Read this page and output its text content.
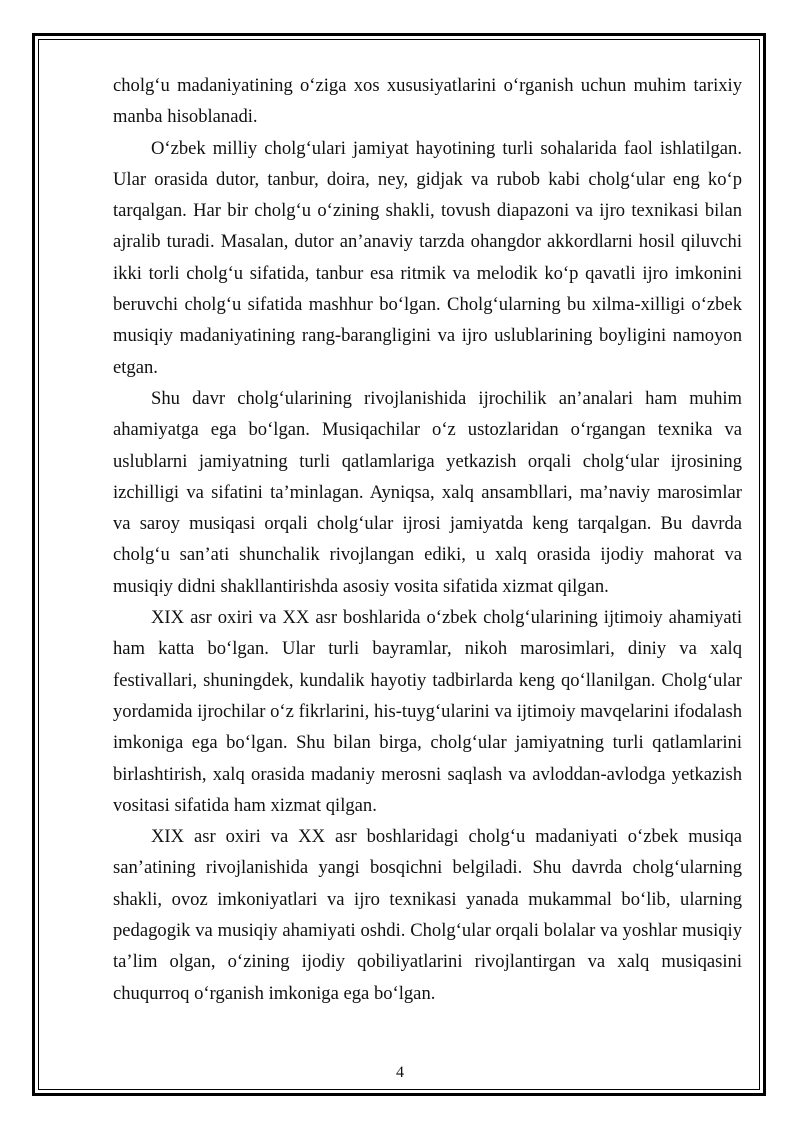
cholg‘u madaniyatining o‘ziga xos xususiyatlarini o‘rganish uchun muhim tarixiy manba hisoblanadi.

O‘zbek milliy cholg‘ulari jamiyat hayotining turli sohalarida faol ishlatilgan. Ular orasida dutor, tanbur, doira, ney, gidjak va rubob kabi cholg‘ular eng ko‘p tarqalgan. Har bir cholg‘u o‘zining shakli, tovush diapazoni va ijro texnikasi bilan ajralib turadi. Masalan, dutor an’anaviy tarzda ohangdor akkordlarni hosil qiluvchi ikki torli cholg‘u sifatida, tanbur esa ritmik va melodik ko‘p qavatli ijro imkonini beruvchi cholg‘u sifatida mashhur bo‘lgan. Cholg‘ularning bu xilma-xilligi o‘zbek musiqiy madaniyatining rang-barangligini va ijro uslublarining boyligini namoyon etgan.

Shu davr cholg‘ularining rivojlanishida ijrochilik an’analari ham muhim ahamiyatga ega bo‘lgan. Musiqachilar o‘z ustozlaridan o‘rgangan texnika va uslublarni jamiyatning turli qatlamlariga yetkazish orqali cholg‘ular ijrosining izchilligi va sifatini ta’minlagan. Ayniqsa, xalq ansambllari, ma’naviy marosimlar va saroy musiqasi orqali cholg‘ular ijrosi jamiyatda keng tarqalgan. Bu davrda cholg‘u san’ati shunchalik rivojlangan ediki, u xalq orasida ijodiy mahorat va musiqiy didni shakllantirishda asosiy vosita sifatida xizmat qilgan.

XIX asr oxiri va XX asr boshlarida o‘zbek cholg‘ularining ijtimoiy ahamiyati ham katta bo‘lgan. Ular turli bayramlar, nikoh marosimlari, diniy va xalq festivallari, shuningdek, kundalik hayotiy tadbirlarda keng qo‘llanilgan. Cholg‘ular yordamida ijrochilar o‘z fikrlarini, his-tuyg‘ularini va ijtimoiy mavqelarini ifodalash imkoniga ega bo‘lgan. Shu bilan birga, cholg‘ular jamiyatning turli qatlamlarini birlashtirish, xalq orasida madaniy merosni saqlash va avloddan-avlodga yetkazish vositasi sifatida ham xizmat qilgan.

XIX asr oxiri va XX asr boshlaridagi cholg‘u madaniyati o‘zbek musiqa san’atining rivojlanishida yangi bosqichni belgiladi. Shu davrda cholg‘ularning shakli, ovoz imkoniyatlari va ijro texnikasi yanada mukammal bo‘lib, ularning pedagogik va musiqiy ahamiyati oshdi. Cholg‘ular orqali bolalar va yoshlar musiqiy ta’lim olgan, o‘zining ijodiy qobiliyatlarini rivojlantirgan va xalq musiqasini chuqurroq o‘rganish imkoniga ega bo‘lgan.

4
